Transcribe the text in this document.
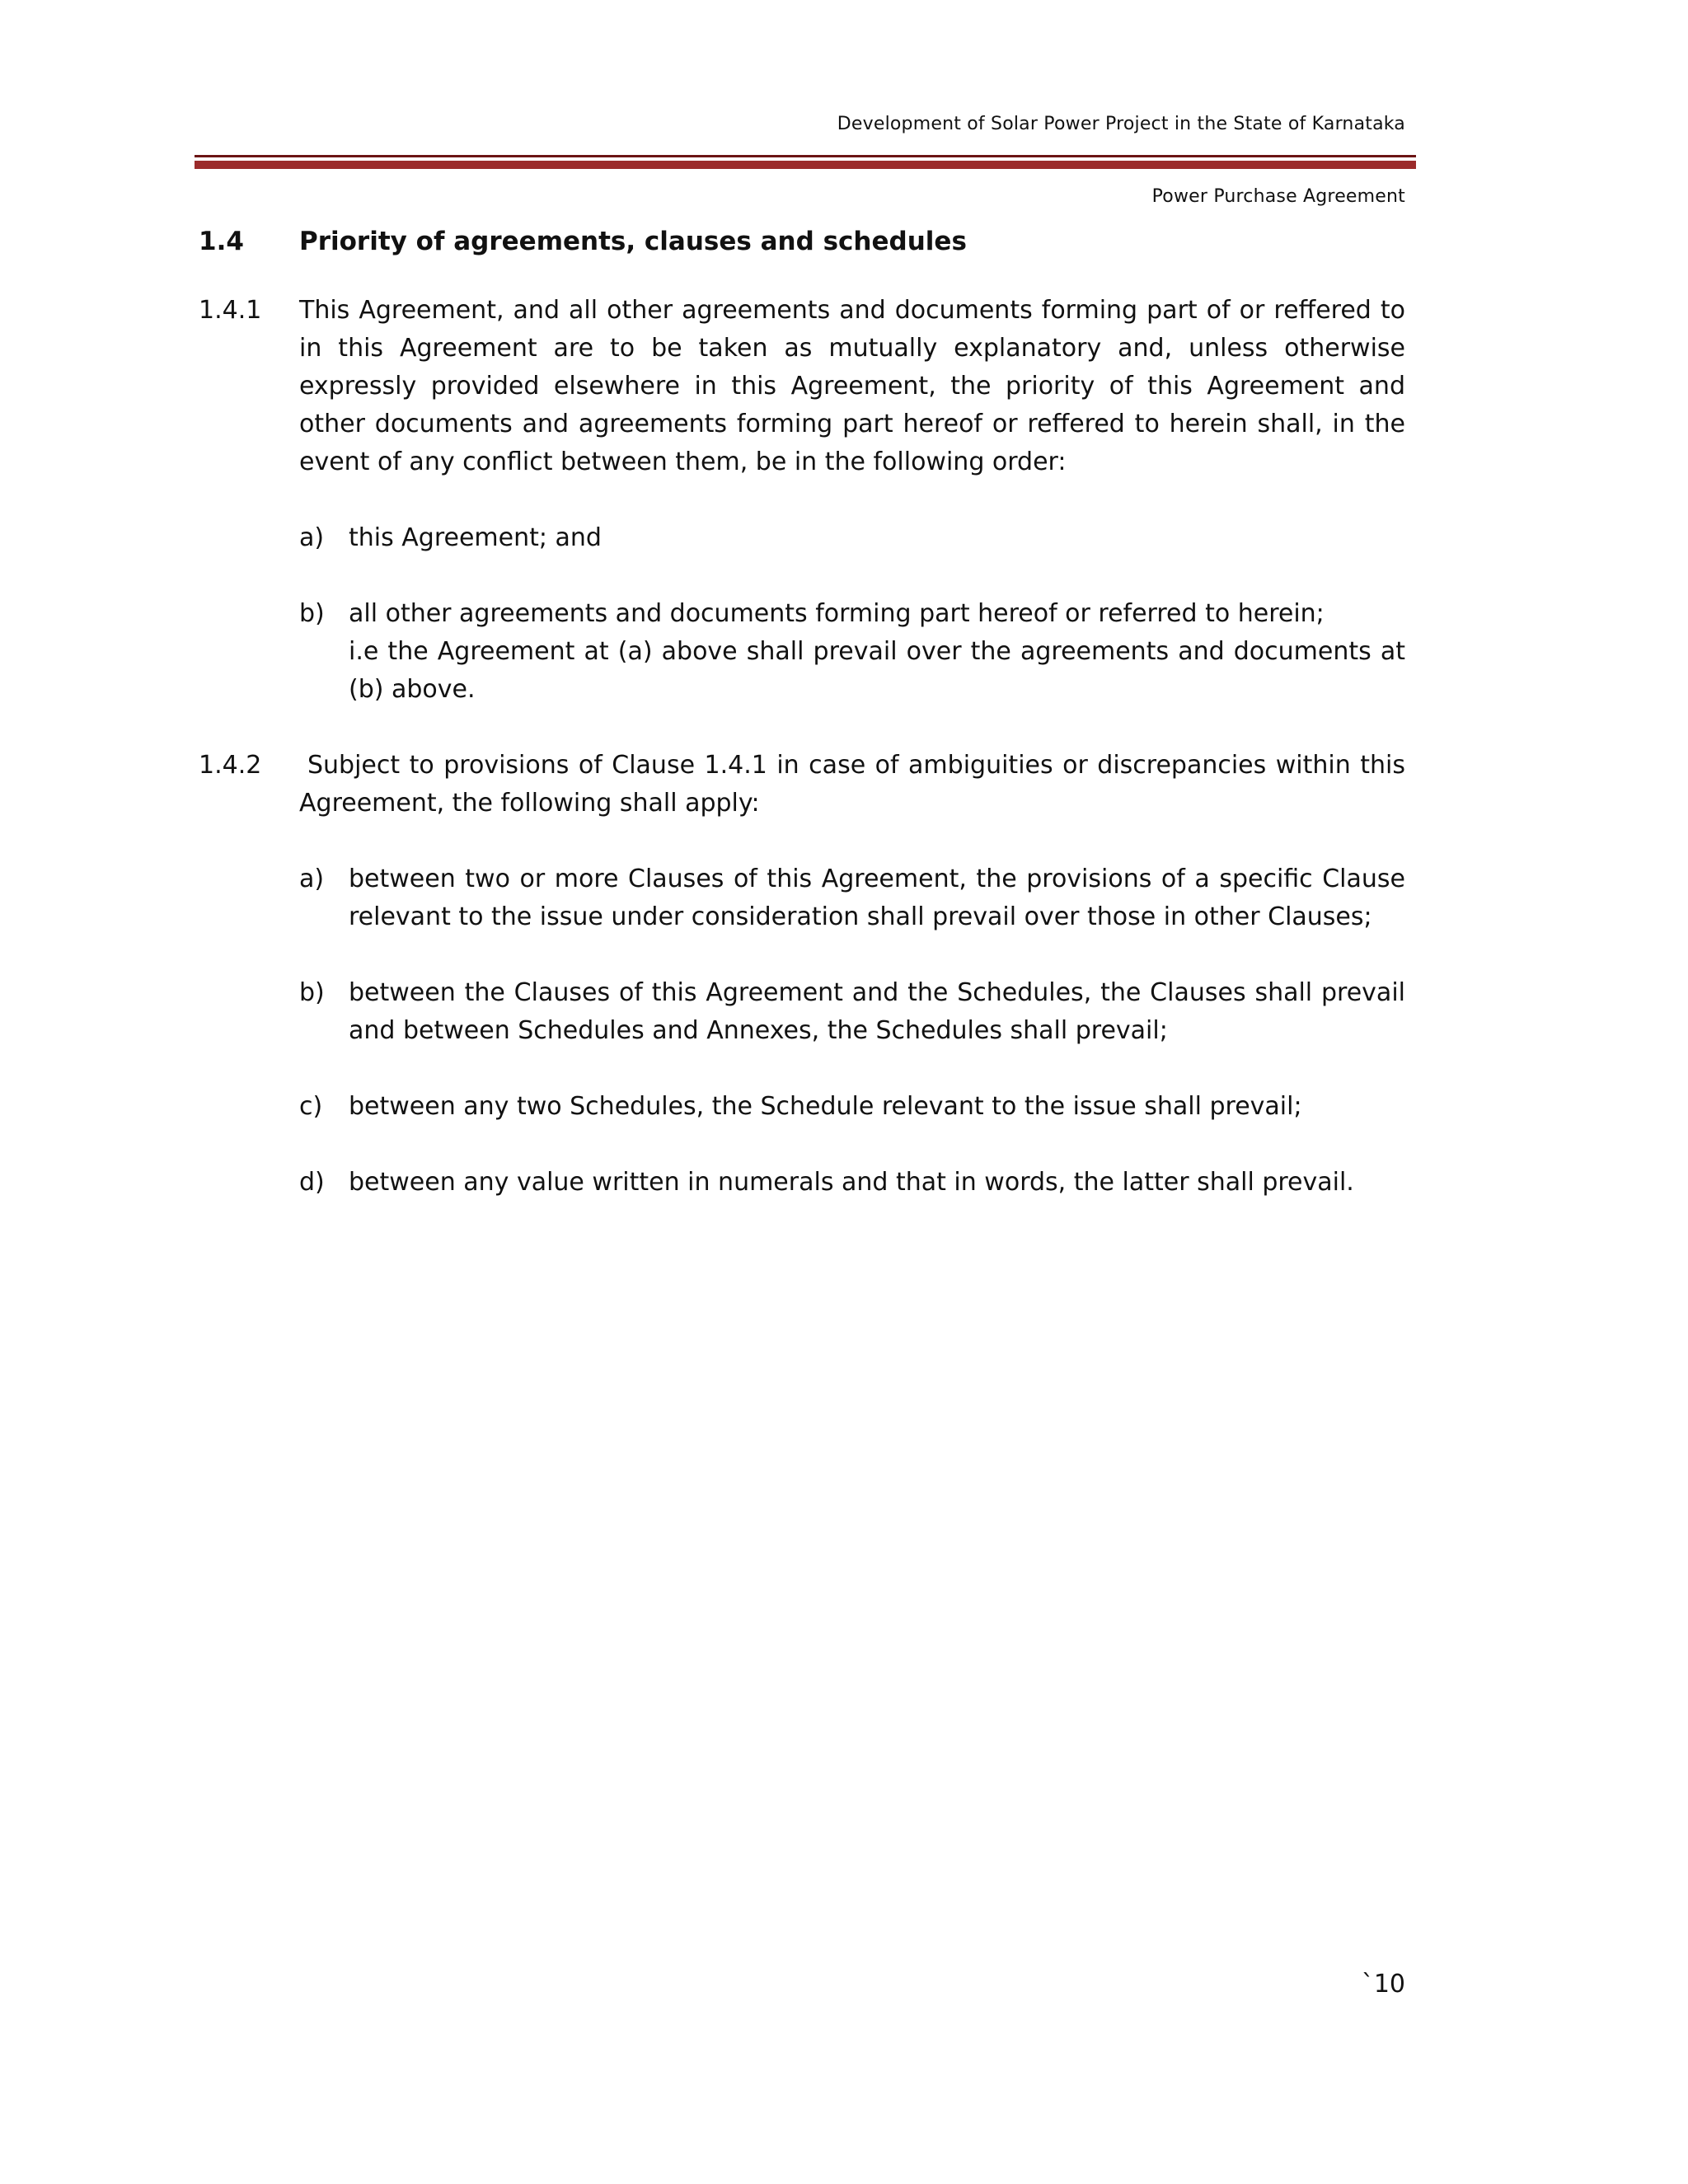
Development of Solar Power Project in the State of Karnataka
Power Purchase Agreement
1.4	Priority of agreements, clauses and schedules
1.4.1	This Agreement, and all other agreements and documents forming part of or reffered to in this Agreement are to be taken as mutually explanatory and, unless otherwise expressly provided elsewhere in this Agreement, the priority of this Agreement and other documents and agreements forming part hereof or reffered to herein shall, in the event of any conflict between them, be in the following order:

a) this Agreement; and

b) all other agreements and documents forming part hereof or referred to herein;

i.e the Agreement at (a) above shall prevail over the agreements and documents at (b) above.

1.4.2	Subject to provisions of Clause 1.4.1 in case of ambiguities or discrepancies within this Agreement, the following shall apply:

a) between two or more Clauses of this Agreement, the provisions of a specific Clause relevant to the issue under consideration shall prevail over those in other Clauses;

b) between the Clauses of this Agreement and the Schedules, the Clauses shall prevail and between Schedules and Annexes, the Schedules shall prevail;

c)	between any two Schedules, the Schedule relevant to the issue shall prevail;

d) between any value written in numerals and that in words, the latter shall prevail.

`10
